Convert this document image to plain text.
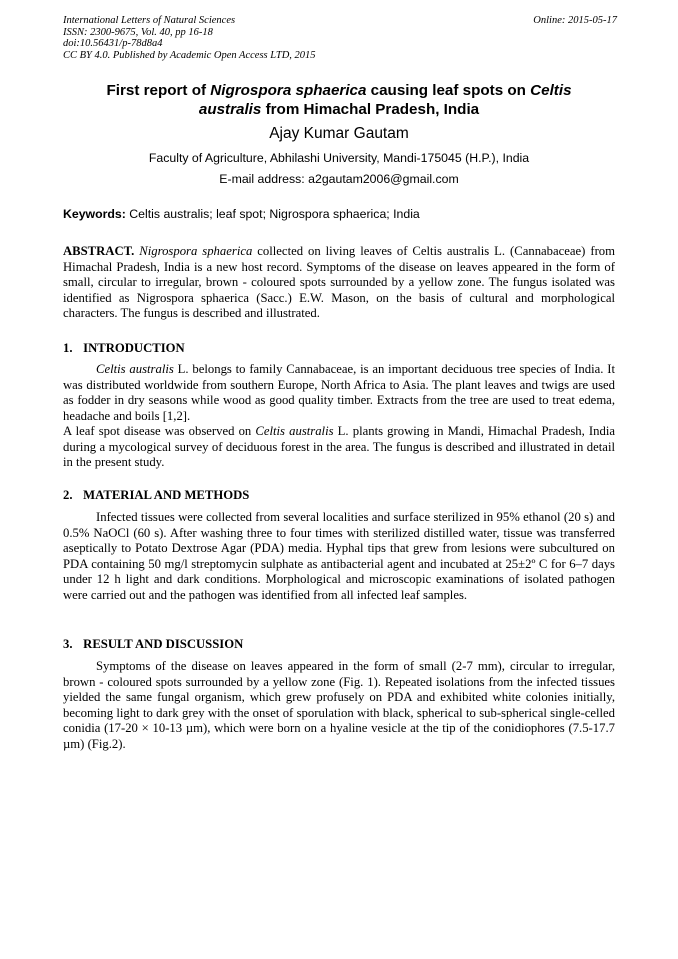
International Letters of Natural Sciences
ISSN: 2300-9675, Vol. 40, pp 16-18
doi:10.56431/p-78d8a4
CC BY 4.0. Published by Academic Open Access LTD, 2015
Online: 2015-05-17
First report of Nigrospora sphaerica causing leaf spots on Celtis australis from Himachal Pradesh, India
Ajay Kumar Gautam
Faculty of Agriculture, Abhilashi University, Mandi-175045 (H.P.), India
E-mail address: a2gautam2006@gmail.com
Keywords: Celtis australis; leaf spot; Nigrospora sphaerica; India
ABSTRACT. Nigrospora sphaerica collected on living leaves of Celtis australis L. (Cannabaceae) from Himachal Pradesh, India is a new host record. Symptoms of the disease on leaves appeared in the form of small, circular to irregular, brown - coloured spots surrounded by a yellow zone. The fungus isolated was identified as Nigrospora sphaerica (Sacc.) E.W. Mason, on the basis of cultural and morphological characters. The fungus is described and illustrated.
1. INTRODUCTION
Celtis australis L. belongs to family Cannabaceae, is an important deciduous tree species of India. It was distributed worldwide from southern Europe, North Africa to Asia. The plant leaves and twigs are used as fodder in dry seasons while wood as good quality timber. Extracts from the tree are used to treat edema, headache and boils [1,2].
A leaf spot disease was observed on Celtis australis L. plants growing in Mandi, Himachal Pradesh, India during a mycological survey of deciduous forest in the area. The fungus is described and illustrated in detail in the present study.
2. MATERIAL AND METHODS
Infected tissues were collected from several localities and surface sterilized in 95% ethanol (20 s) and 0.5% NaOCl (60 s). After washing three to four times with sterilized distilled water, tissue was transferred aseptically to Potato Dextrose Agar (PDA) media. Hyphal tips that grew from lesions were subcultured on PDA containing 50 mg/l streptomycin sulphate as antibacterial agent and incubated at 25±2º C for 6–7 days under 12 h light and dark conditions. Morphological and microscopic examinations of isolated pathogen were carried out and the pathogen was identified from all infected leaf samples.
3. RESULT AND DISCUSSION
Symptoms of the disease on leaves appeared in the form of small (2-7 mm), circular to irregular, brown - coloured spots surrounded by a yellow zone (Fig. 1). Repeated isolations from the infected tissues yielded the same fungal organism, which grew profusely on PDA and exhibited white colonies initially, becoming light to dark grey with the onset of sporulation with black, spherical to sub-spherical single-celled conidia (17-20 × 10-13 µm), which were born on a hyaline vesicle at the tip of the conidiophores (7.5-17.7 µm) (Fig.2).
